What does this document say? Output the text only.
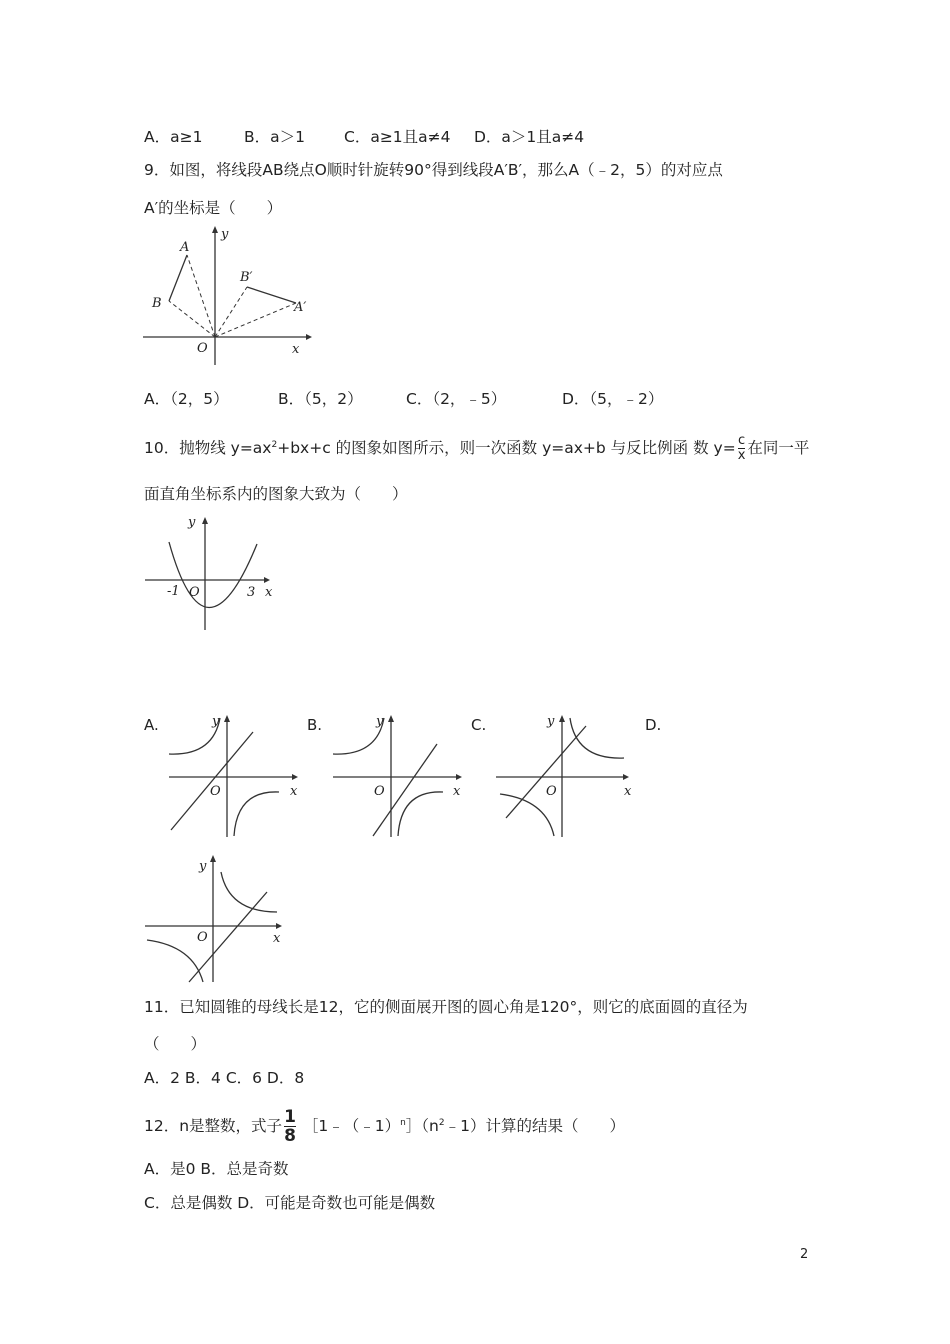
A．a≥1	B．a＞1	C．a≥1且a≠4 D．a＞1且a≠4
9．如图，将线段AB绕点O顺时针旋转90°得到线段A′B′，那么A（﹣2，5）的对应点
A′的坐标是（　　）
A
B
B′
A′
O	x
y
A．（2，5）	B．（5，2）	C．（2，﹣5）	D．（5，﹣2）
10．抛物线 $y=ax^2+bx+c$ 的图象如图所示，则一次函数 y=ax+b 与反比例函 数 $y= \frac{c}{x}$ 在同一平
面直角坐标系内的图象大致为（　　）
-1 O	3 x
y
A.	B.	C.	D.
O	x
y
O	x
y
O	x
y
O	x
y
11．已知圆锥的母线长是12，它的侧面展开图的圆心角是120°，则它的底面圆的直径为
（　　）
A．2 B．4 C．6 D．8
12．n是整数，式子 $\frac{1}{8}$ $[1﹣(﹣1)^n](n^2﹣1)$计算的结果（　　）
A．是0 B．总是奇数
C．总是偶数 D．可能是奇数也可能是偶数
2
